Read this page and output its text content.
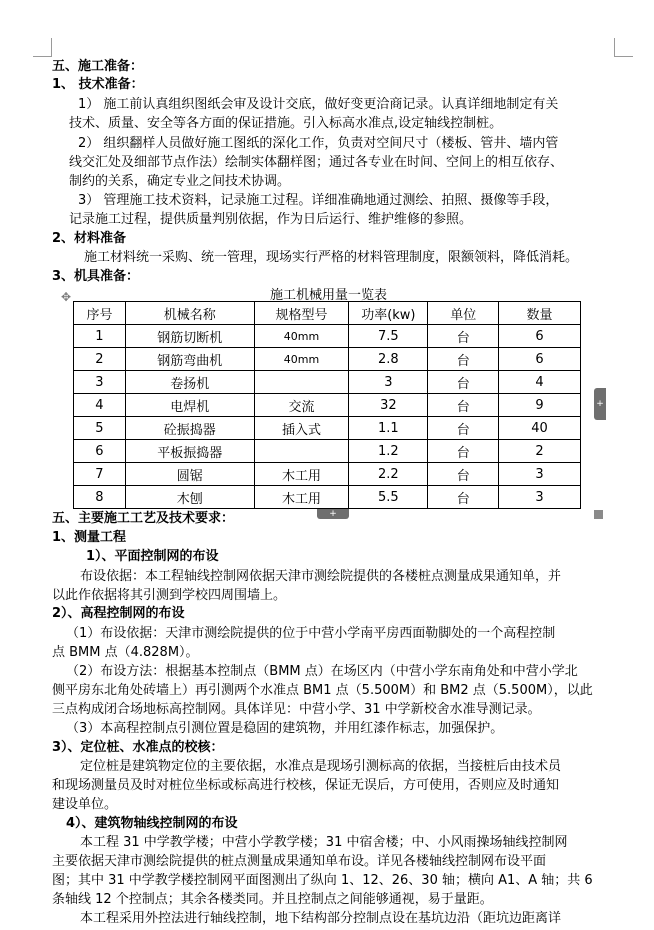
五、施工准备：
1、 技术准备：
1） 施工前认真组织图纸会审及设计交底，做好变更洽商记录。认真详细地制定有关
技术、质量、安全等各方面的保证措施。引入标高水准点,设定轴线控制桩。
2） 组织翻样人员做好施工图纸的深化工作，负责对空间尺寸（楼板、管井、墙内管
线交汇处及细部节点作法）绘制实体翻样图；通过各专业在时间、空间上的相互依存、
制约的关系，确定专业之间技术协调。
3） 管理施工技术资料，记录施工过程。详细准确地通过测绘、拍照、摄像等手段，
记录施工过程，提供质量判别依据，作为日后运行、维护维修的参照。
2、材料准备
施工材料统一采购、统一管理，现场实行严格的材料管理制度，限额领料，降低消耗。
3、机具准备：
✥	施工机械用量一览表
序号	机械名称	规格型号	功率(kw)	单位	数量
1	钢筋切断机	40mm	7.5	台	6
2	钢筋弯曲机	40mm	2.8	台	6
3	卷扬机		3	台	4
4	电焊机	交流	32	台	9
5	砼振捣器	插入式	1.1	台	40
6	平板振捣器		1.2	台	2
7	圆锯	木工用	2.2	台	3
8	木刨	木工用	5.5	台	3
+
+
五、主要施工工艺及技术要求：
1、测量工程
1）、平面控制网的布设
布设依据：本工程轴线控制网依据天津市测绘院提供的各楼桩点测量成果通知单，并
以此作依据将其引测到学校四周围墙上。
2）、高程控制网的布设
（1）布设依据：天津市测绘院提供的位于中营小学南平房西面勒脚处的一个高程控制
点 BMM 点（4.828M）。
（2）布设方法：根据基本控制点（BMM 点）在场区内（中营小学东南角处和中营小学北
侧平房东北角处砖墙上）再引测两个水准点 BM1 点（5.500M）和 BM2 点（5.500M），以此
三点构成闭合场地标高控制网。具体详见：中营小学、31 中学新校舍水准导测记录。
（3）本高程控制点引测位置是稳固的建筑物，并用红漆作标志，加强保护。
3）、定位桩、水准点的校核：
定位桩是建筑物定位的主要依据，水准点是现场引测标高的依据，当接桩后由技术员
和现场测量员及时对桩位坐标或标高进行校核，保证无误后，方可使用，否则应及时通知
建设单位。
4）、建筑物轴线控制网的布设
本工程 31 中学教学楼；中营小学教学楼；31 中宿舍楼；中、小风雨操场轴线控制网
主要依据天津市测绘院提供的桩点测量成果通知单布设。详见各楼轴线控制网布设平面
图；其中 31 中学教学楼控制网平面图测出了纵向 1、12、26、30 轴；横向 A1、A 轴；共 6
条轴线 12 个控制点；其余各楼类同。并且控制点之间能够通视，易于量距。
本工程采用外控法进行轴线控制，地下结构部分控制点设在基坑边沿（距坑边距离详
